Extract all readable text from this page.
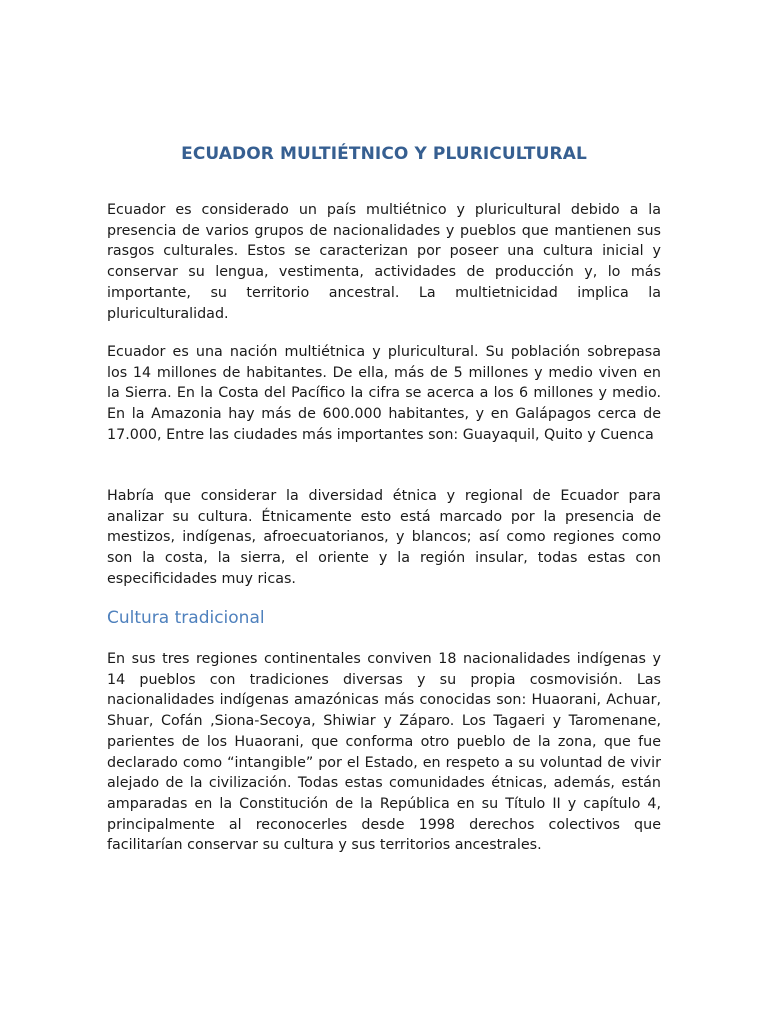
ECUADOR MULTIÉTNICO Y PLURICULTURAL

Ecuador es considerado un país multiétnico y pluricultural debido a la presencia de varios grupos de nacionalidades y pueblos que mantienen sus rasgos culturales. Estos se caracterizan por poseer una cultura inicial y conservar su lengua, vestimenta, actividades de producción y, lo más importante, su territorio ancestral. La multietnicidad implica la pluriculturalidad.

Ecuador es una nación multiétnica y pluricultural. Su población sobrepasa los 14 millones de habitantes. De ella, más de 5 millones y medio viven en la Sierra. En la Costa del Pacífico la cifra se acerca a los 6 millones y medio. En la Amazonia hay más de 600.000 habitantes, y en Galápagos cerca de 17.000, Entre las ciudades más importantes son: Guayaquil, Quito y Cuenca

Habría que considerar la diversidad étnica y regional de Ecuador para analizar su cultura. Étnicamente esto está marcado por la presencia de mestizos, indígenas, afroecuatorianos, y blancos; así como regiones como son la costa, la sierra, el oriente y la región insular, todas estas con especificidades muy ricas.

Cultura tradicional

En sus tres regiones continentales conviven 18 nacionalidades indígenas y 14 pueblos con tradiciones diversas y su propia cosmovisión. Las nacionalidades indígenas amazónicas más conocidas son: Huaorani, Achuar, Shuar, Cofán ,Siona-Secoya, Shiwiar y Záparo. Los Tagaeri y Taromenane, parientes de los Huaorani, que conforma otro pueblo de la zona, que fue declarado como “intangible” por el Estado, en respeto a su voluntad de vivir alejado de la civilización. Todas estas comunidades étnicas, además, están amparadas en la Constitución de la República en su Título II y capítulo 4, principalmente al reconocerles desde 1998 derechos colectivos que facilitarían conservar su cultura y sus territorios ancestrales.
